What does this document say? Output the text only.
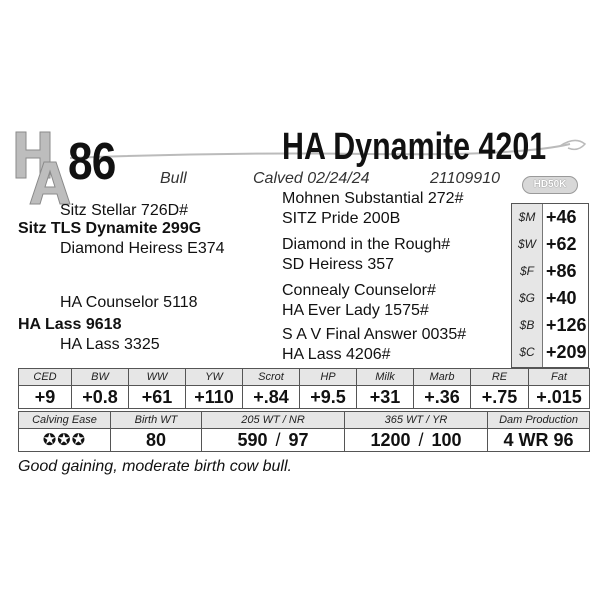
86	HA Dynamite 4201
Bull	Calved 02/24/24	21109910	HD50K
Sitz Stellar 726D#
Sitz TLS Dynamite 299G
Diamond Heiress E374
HA Counselor 5118
HA Lass 9618
HA Lass 3325
Mohnen Substantial 272#
SITZ Pride 200B
Diamond in the Rough#
SD Heiress 357
Connealy Counselor#
HA Ever Lady 1575#
S A V Final Answer 0035#
HA Lass 4206#
$M +46
$W +62
$F +86
$G +40
$B +126
$C +209
CED	BW	WW	YW	Scrot	HP	Milk	Marb	RE	Fat
+9	+0.8	+61	+110	+.84	+9.5	+31	+.36	+.75	+.015
Calving Ease	Birth WT	205 WT / NR	365 WT / YR	Dam Production
✪✪✪	80	590 / 97	1200 / 100	4 WR 96
Good gaining, moderate birth cow bull.
